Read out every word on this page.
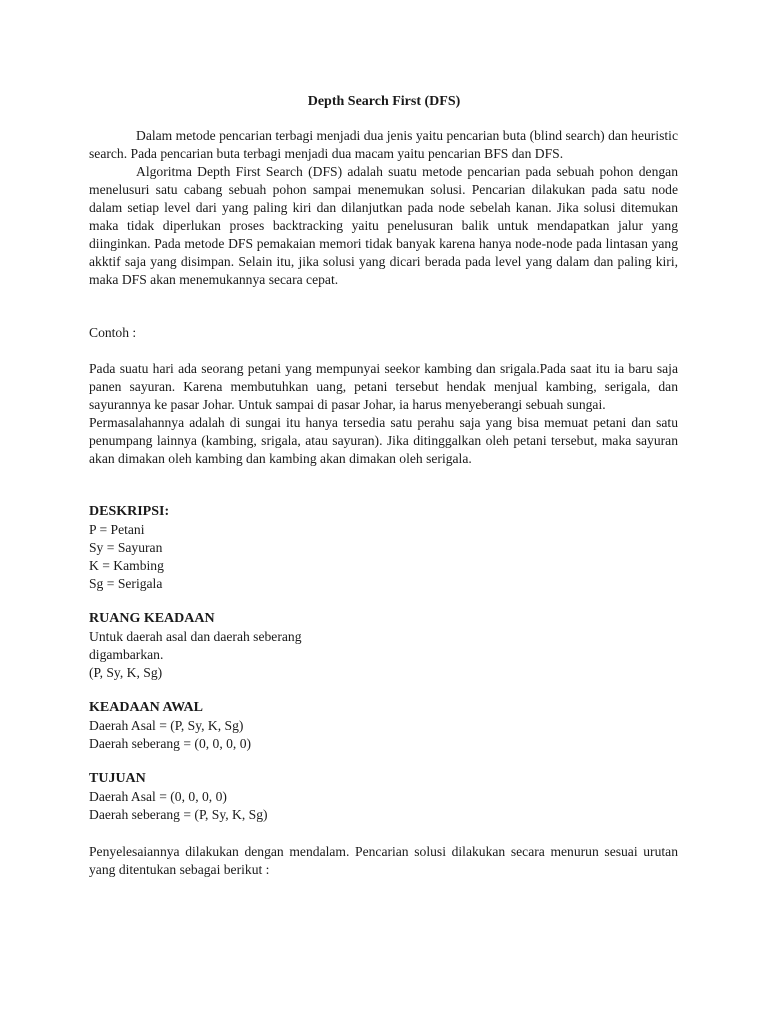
Depth Search First (DFS)

Dalam metode pencarian terbagi menjadi dua jenis yaitu pencarian buta (blind search) dan heuristic search. Pada pencarian buta terbagi menjadi dua macam yaitu pencarian BFS dan DFS.

Algoritma Depth First Search (DFS) adalah suatu metode pencarian pada sebuah pohon dengan menelusuri satu cabang sebuah pohon sampai menemukan solusi. Pencarian dilakukan pada satu node dalam setiap level dari yang paling kiri dan dilanjutkan pada node sebelah kanan. Jika solusi ditemukan maka tidak diperlukan proses backtracking yaitu penelusuran balik untuk mendapatkan jalur yang diinginkan. Pada metode DFS pemakaian memori tidak banyak karena hanya node-node pada lintasan yang akktif saja yang disimpan. Selain itu, jika solusi yang dicari berada pada level yang dalam dan paling kiri, maka DFS akan menemukannya secara cepat.

Contoh :

Pada suatu hari ada seorang petani yang mempunyai seekor kambing dan srigala.Pada saat itu ia baru saja panen sayuran. Karena membutuhkan uang, petani tersebut hendak menjual kambing, serigala, dan sayurannya ke pasar Johar. Untuk sampai di pasar Johar, ia harus menyeberangi sebuah sungai.

Permasalahannya adalah di sungai itu hanya tersedia satu perahu saja yang bisa memuat petani dan satu penumpang lainnya (kambing, srigala, atau sayuran). Jika ditinggalkan oleh petani tersebut, maka sayuran akan dimakan oleh kambing dan kambing akan dimakan oleh serigala.

DESKRIPSI:
P = Petani
Sy = Sayuran
K = Kambing
Sg = Serigala
RUANG KEADAAN
Untuk daerah asal dan daerah seberang
digambarkan.
(P, Sy, K, Sg)
KEADAAN AWAL
Daerah Asal = (P, Sy, K, Sg)
Daerah seberang = (0, 0, 0, 0)
TUJUAN
Daerah Asal = (0, 0, 0, 0)
Daerah seberang = (P, Sy, K, Sg)
Penyelesaiannya dilakukan dengan mendalam. Pencarian solusi dilakukan secara menurun sesuai urutan yang ditentukan sebagai berikut :
